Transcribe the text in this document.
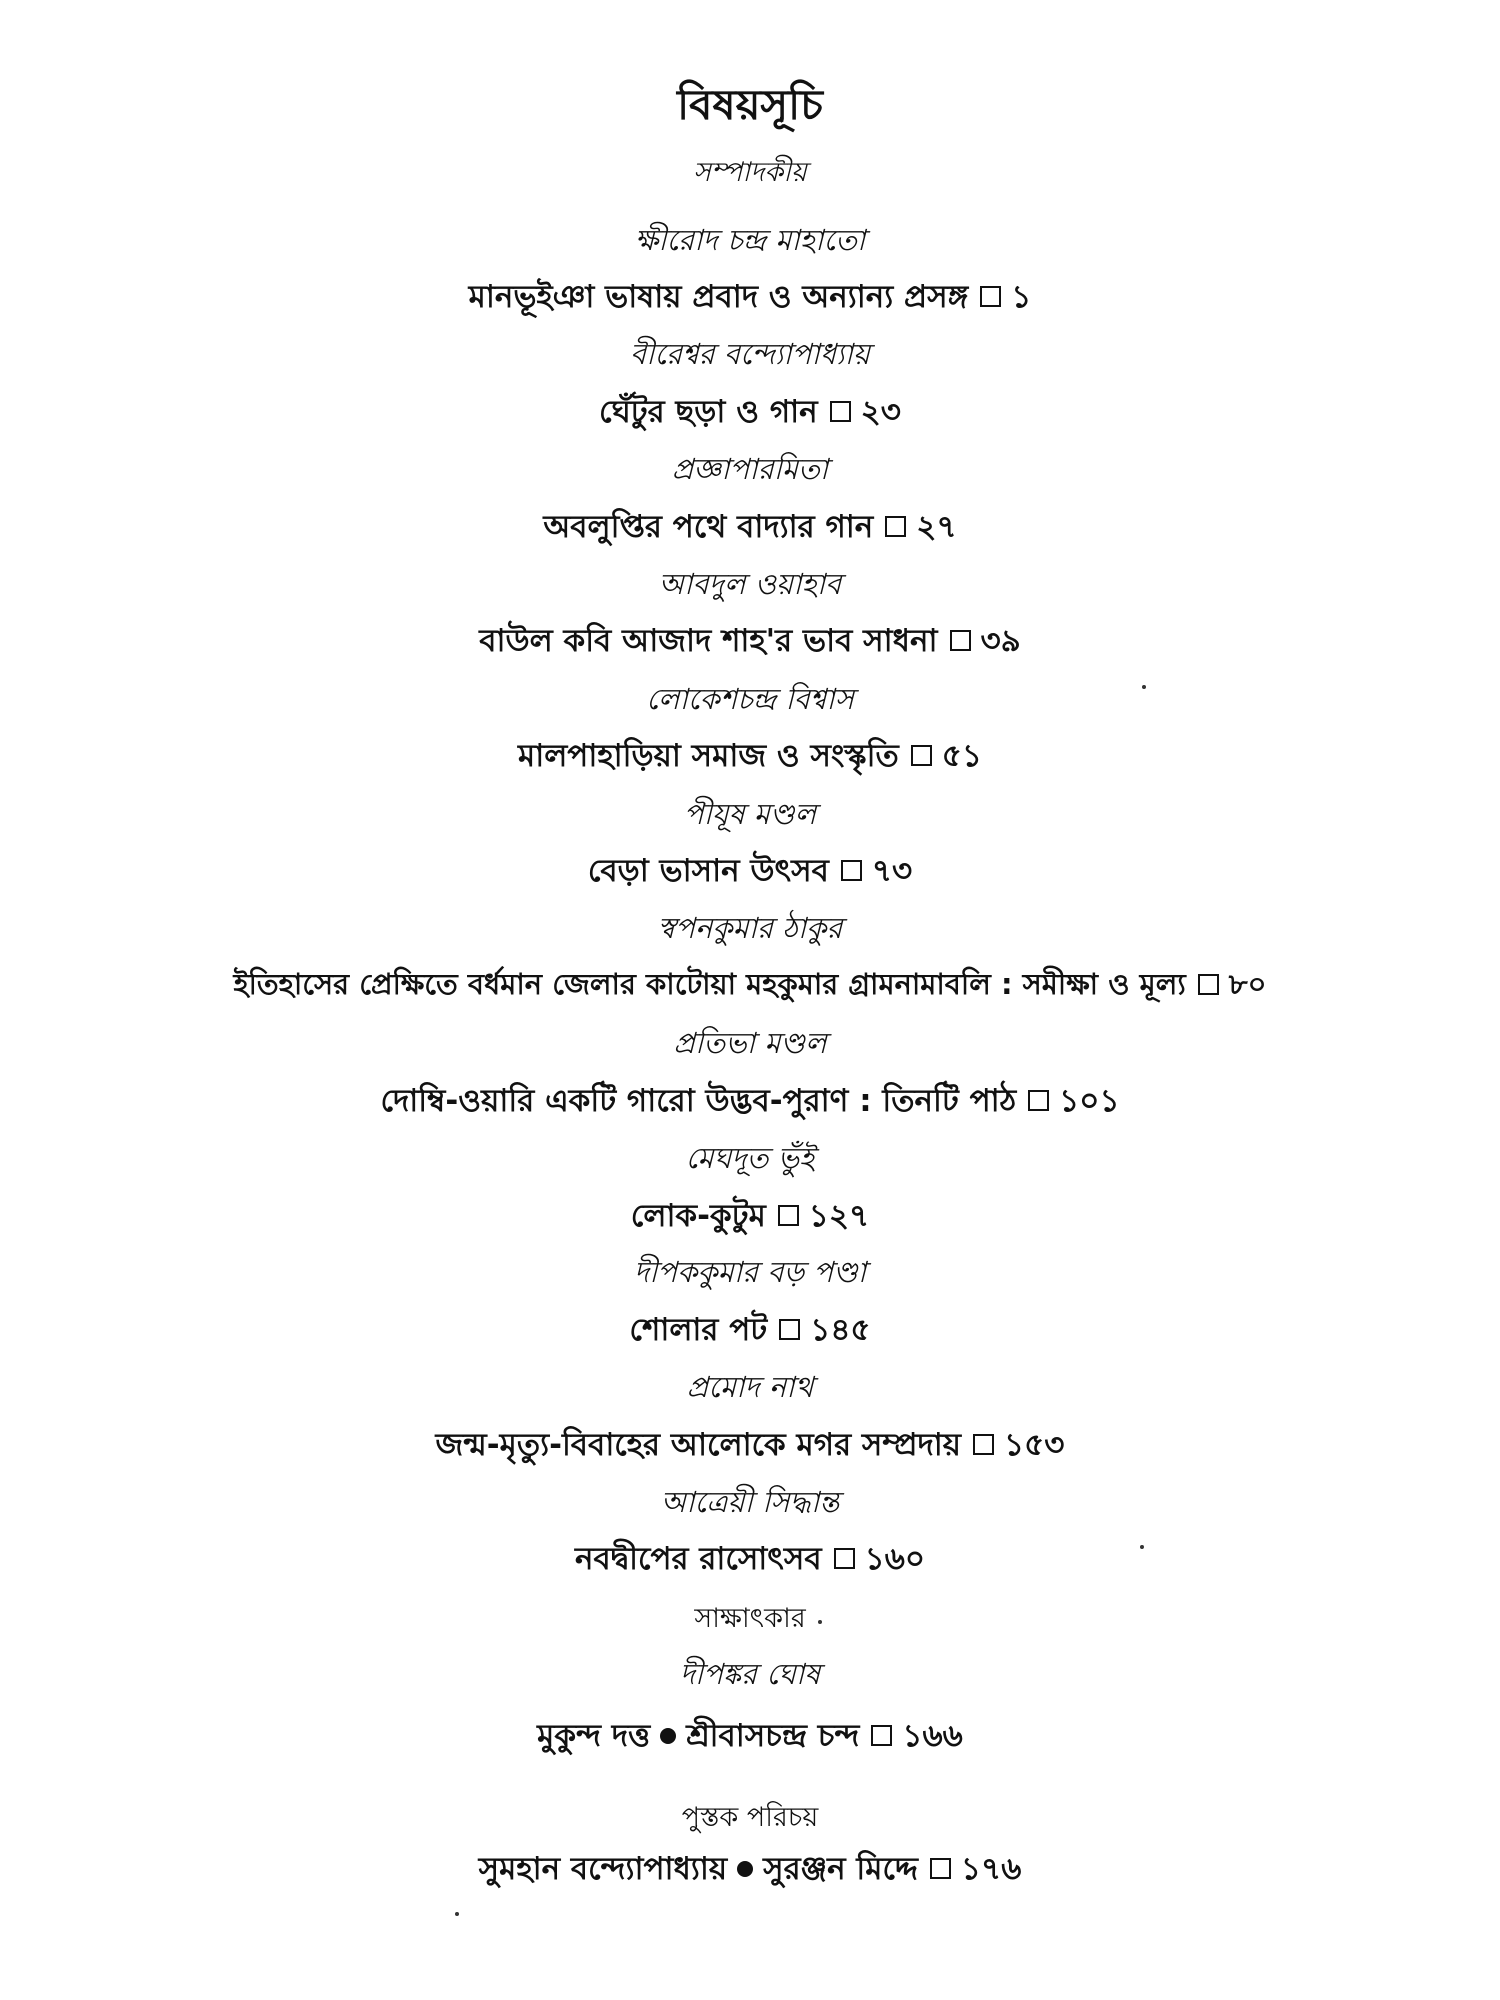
বিষয়সূচি
সম্পাদকীয়
ক্ষীরোদ চন্দ্র মাহাতো
মানভূইঞা ভাষায় প্রবাদ ও অন্যান্য প্রসঙ্গ ১
বীরেশ্বর বন্দ্যোপাধ্যায়
ঘেঁটুর ছড়া ও গান ২৩
প্রজ্ঞাপারমিতা
অবলুপ্তির পথে বাদ্যার গান ২৭
আবদুল ওয়াহাব
বাউল কবি আজাদ শাহ'র ভাব সাধনা ৩৯
লোকেশচন্দ্র বিশ্বাস
মালপাহাড়িয়া সমাজ ও সংস্কৃতি ৫১
পীযূষ মণ্ডল
বেড়া ভাসান উৎসব ৭৩
স্বপনকুমার ঠাকুর
ইতিহাসের প্রেক্ষিতে বর্ধমান জেলার কাটোয়া মহকুমার গ্রামনামাবলি : সমীক্ষা ও মূল্য ৮০
প্রতিভা মণ্ডল
দোম্বি-ওয়ারি একটি গারো উদ্ভব-পুরাণ : তিনটি পাঠ ১০১
মেঘদূত ভুঁই
লোক-কুটুম ১২৭
দীপককুমার বড় পণ্ডা
শোলার পট ১৪৫
প্রমোদ নাথ
জন্ম-মৃত্যু-বিবাহের আলোকে মগর সম্প্রদায় ১৫৩
আত্রেয়ী সিদ্ধান্ত
নবদ্বীপের রাসোৎসব ১৬০
সাক্ষাৎকার
দীপঙ্কর ঘোষ
মুকুন্দ দত্ত শ্রীবাসচন্দ্র চন্দ ১৬৬
পুস্তক পরিচয়
সুমহান বন্দ্যোপাধ্যায় সুরঞ্জন মিদ্দে ১৭৬
